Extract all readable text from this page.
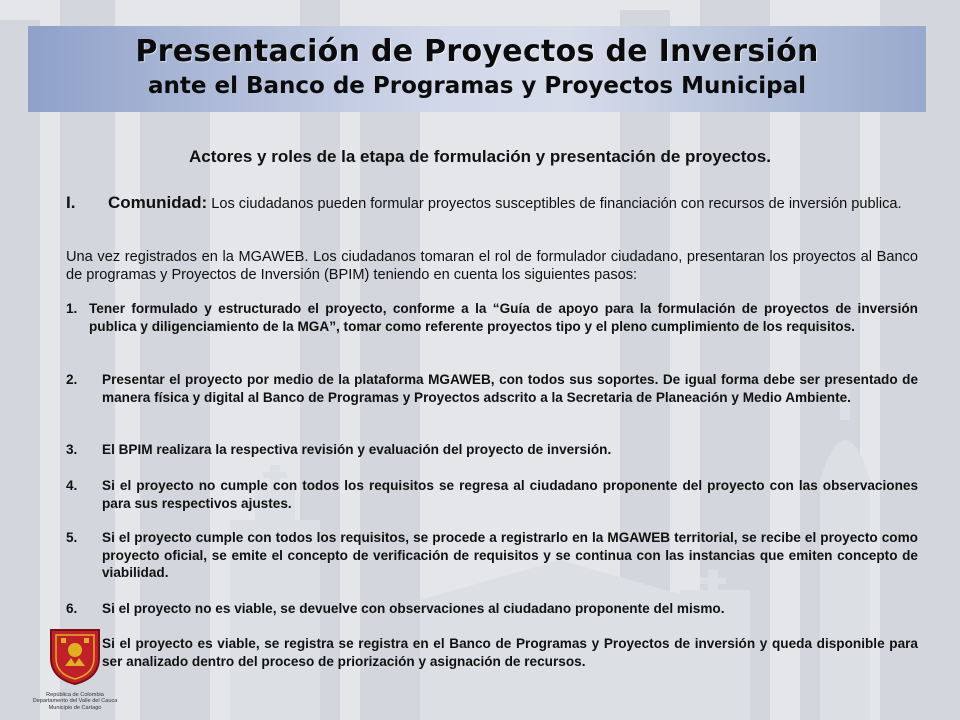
Presentación de Proyectos de Inversión
ante el Banco de Programas y Proyectos Municipal
Actores y roles de la etapa de formulación y presentación de proyectos.
I. Comunidad: Los ciudadanos pueden formular proyectos susceptibles de financiación con recursos de inversión publica.
Una vez registrados en la MGAWEB. Los ciudadanos tomaran el rol de formulador ciudadano, presentaran los proyectos al Banco de programas y Proyectos de Inversión (BPIM) teniendo en cuenta los siguientes pasos:
1. Tener formulado y estructurado el proyecto, conforme a la “Guía de apoyo para la formulación de proyectos de inversión publica y diligenciamiento de la MGA”, tomar como referente proyectos tipo y el pleno cumplimiento de los requisitos.
2.	Presentar el proyecto por medio de la plataforma MGAWEB, con todos sus soportes. De igual forma debe ser presentado de manera física y digital al Banco de Programas y Proyectos adscrito a la Secretaria de Planeación y Medio Ambiente.
3.	El BPIM realizara la respectiva revisión y evaluación del proyecto de inversión.
4.	Si el proyecto no cumple con todos los requisitos se regresa al ciudadano proponente del proyecto con las observaciones para sus respectivos ajustes.
5.	Si el proyecto cumple con todos los requisitos, se procede a registrarlo en la MGAWEB territorial, se recibe el proyecto como proyecto oficial, se emite el concepto de verificación de requisitos y se continua con las instancias que emiten concepto de viabilidad.
6.	Si el proyecto no es viable, se devuelve con observaciones al ciudadano proponente del mismo.
Si el proyecto es viable, se registra se registra en el Banco de Programas y Proyectos de inversión y queda disponible para ser analizado dentro del proceso de priorización y asignación de recursos.
República de Colombia
Departamento del Valle del Cauca
Municipio de Cartago
